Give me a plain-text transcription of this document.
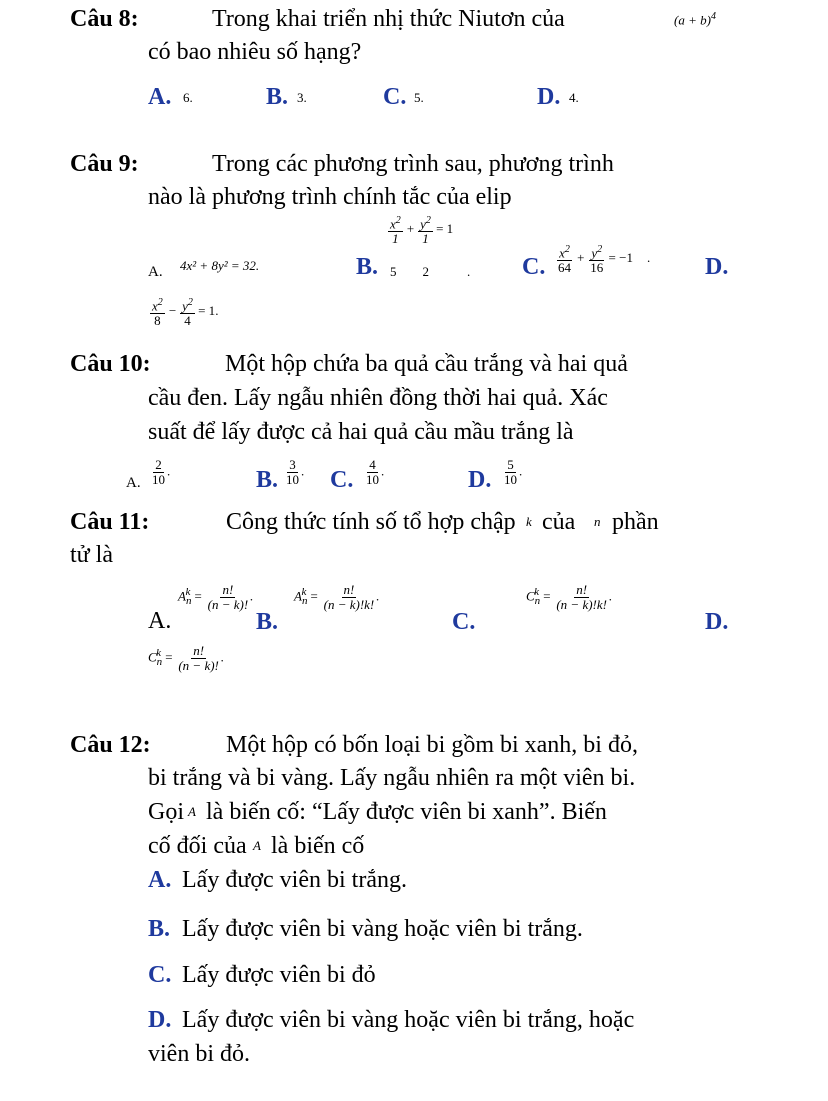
Câu 8:	Trong khai triển nhị thức Niutơn của	$(a + b)^4$
có bao nhiêu số hạng?
A. 6.	B. 3.	C. 5.	D. 4.
Câu 9:	Trong các phương trình sau, phương trình
nào là phương trình chính tắc của elip
A. 4x² + 8y² = 32.	B.
$\frac{x^2}{1} + \frac{y^2}{1} = 1$
5 2	. C. $\frac{x^2}{64} + \frac{y^2}{16} = -1$ . D.
$\frac{x^2}{8} - \frac{y^2}{4} = 1$.
Câu 10:	Một hộp chứa ba quả cầu trắng và hai quả
cầu đen. Lấy ngẫu nhiên đồng thời hai quả. Xác
suất để lấy được cả hai quả cầu mầu trắng là
A. $\frac{2}{10}$ .	B. $\frac{3}{10}$ . C. $\frac{4}{10}$ .	D. $\frac{5}{10}$ .
Câu 11:	Công thức tính số tổ hợp chập k của n phần
tử là
A.
$A_n^k = \frac{n!}{(n - k)!}$ .
B.
$A_n^k = \frac{n!}{(n - k)!k!}$ .
C.
$C_n^k = \frac{n!}{(n - k)!k!}$ .
D.
$C_n^k = \frac{n!}{(n - k)!}$ .
Câu 12:	Một hộp có bốn loại bi gồm bi xanh, bi đỏ,
bi trắng và bi vàng. Lấy ngẫu nhiên ra một viên bi.
Gọi A là biến cố: “Lấy được viên bi xanh”. Biến
cố đối của A là biến cố
A. Lấy được viên bi trắng.
B. Lấy được viên bi vàng hoặc viên bi trắng.
C. Lấy được viên bi đỏ
D. Lấy được viên bi vàng hoặc viên bi trắng, hoặc
viên bi đỏ.
